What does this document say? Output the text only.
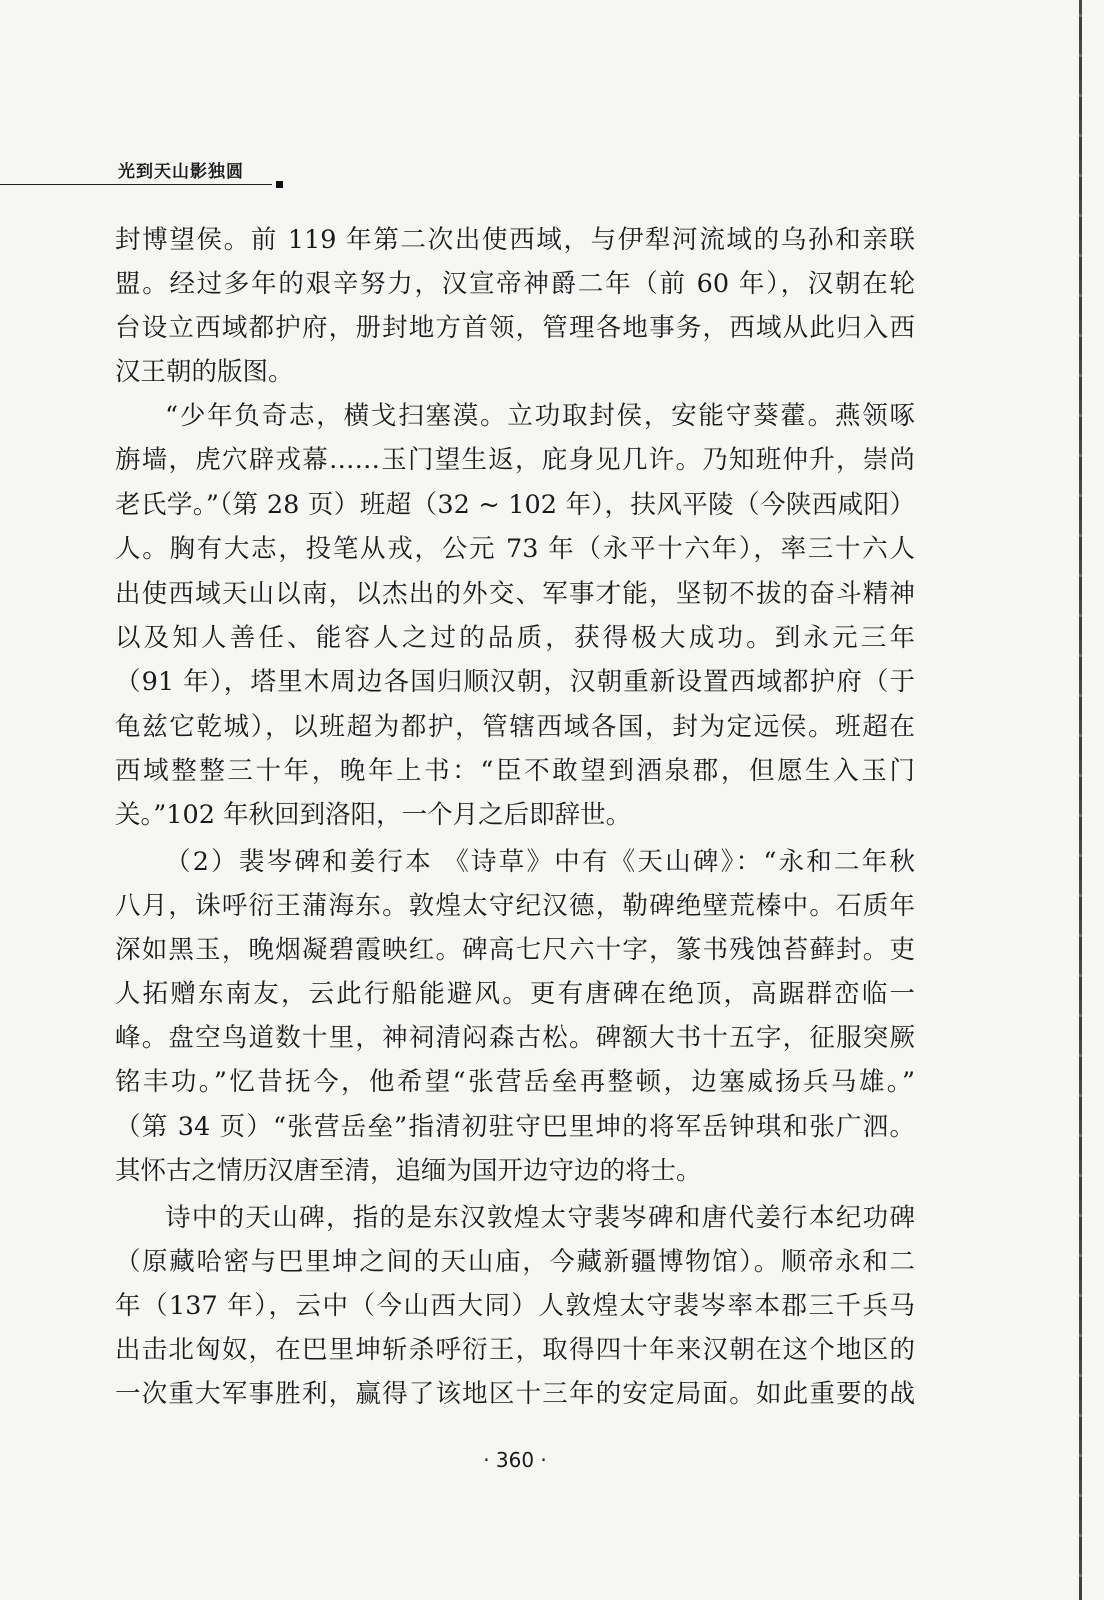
光到天山影独圆
封博望侯。前 119 年第二次出使西域，与伊犁河流域的乌孙和亲联
盟。经过多年的艰辛努力，汉宣帝神爵二年（前 60 年），汉朝在轮
台设立西域都护府，册封地方首领，管理各地事务，西域从此归入西
汉王朝的版图。
“少年负奇志，横戈扫塞漠。立功取封侯，安能守葵藿。燕领啄
旃墙，虎穴辟戎幕……玉门望生返，庇身见几许。乃知班仲升，崇尚
老氏学。”（第 28 页）班超（32 ~ 102 年），扶风平陵（今陕西咸阳）
人。胸有大志，投笔从戎，公元 73 年（永平十六年），率三十六人
出使西域天山以南，以杰出的外交、军事才能，坚韧不拔的奋斗精神
以及知人善任、能容人之过的品质，获得极大成功。到永元三年
（91 年），塔里木周边各国归顺汉朝，汉朝重新设置西域都护府（于
龟兹它乾城），以班超为都护，管辖西域各国，封为定远侯。班超在
西域整整三十年，晚年上书：“臣不敢望到酒泉郡，但愿生入玉门
关。”102 年秋回到洛阳，一个月之后即辞世。
（2）裴岑碑和姜行本 《诗草》中有《天山碑》：“永和二年秋
八月，诛呼衍王蒲海东。敦煌太守纪汉德，勒碑绝壁荒榛中。石质年
深如黑玉，晚烟凝碧霞映红。碑高七尺六十字，篆书残蚀苔藓封。吏
人拓赠东南友，云此行船能避风。更有唐碑在绝顶，高踞群峦临一
峰。盘空鸟道数十里，神祠清闷森古松。碑额大书十五字，征服突厥
铭丰功。”忆昔抚今，他希望“张营岳垒再整顿，边塞威扬兵马雄。”
（第 34 页）“张营岳垒”指清初驻守巴里坤的将军岳钟琪和张广泗。
其怀古之情历汉唐至清，追缅为国开边守边的将士。
诗中的天山碑，指的是东汉敦煌太守裴岑碑和唐代姜行本纪功碑
（原藏哈密与巴里坤之间的天山庙，今藏新疆博物馆）。顺帝永和二
年（137 年），云中（今山西大同）人敦煌太守裴岑率本郡三千兵马
出击北匈奴，在巴里坤斩杀呼衍王，取得四十年来汉朝在这个地区的
一次重大军事胜利，赢得了该地区十三年的安定局面。如此重要的战
· 360 ·
